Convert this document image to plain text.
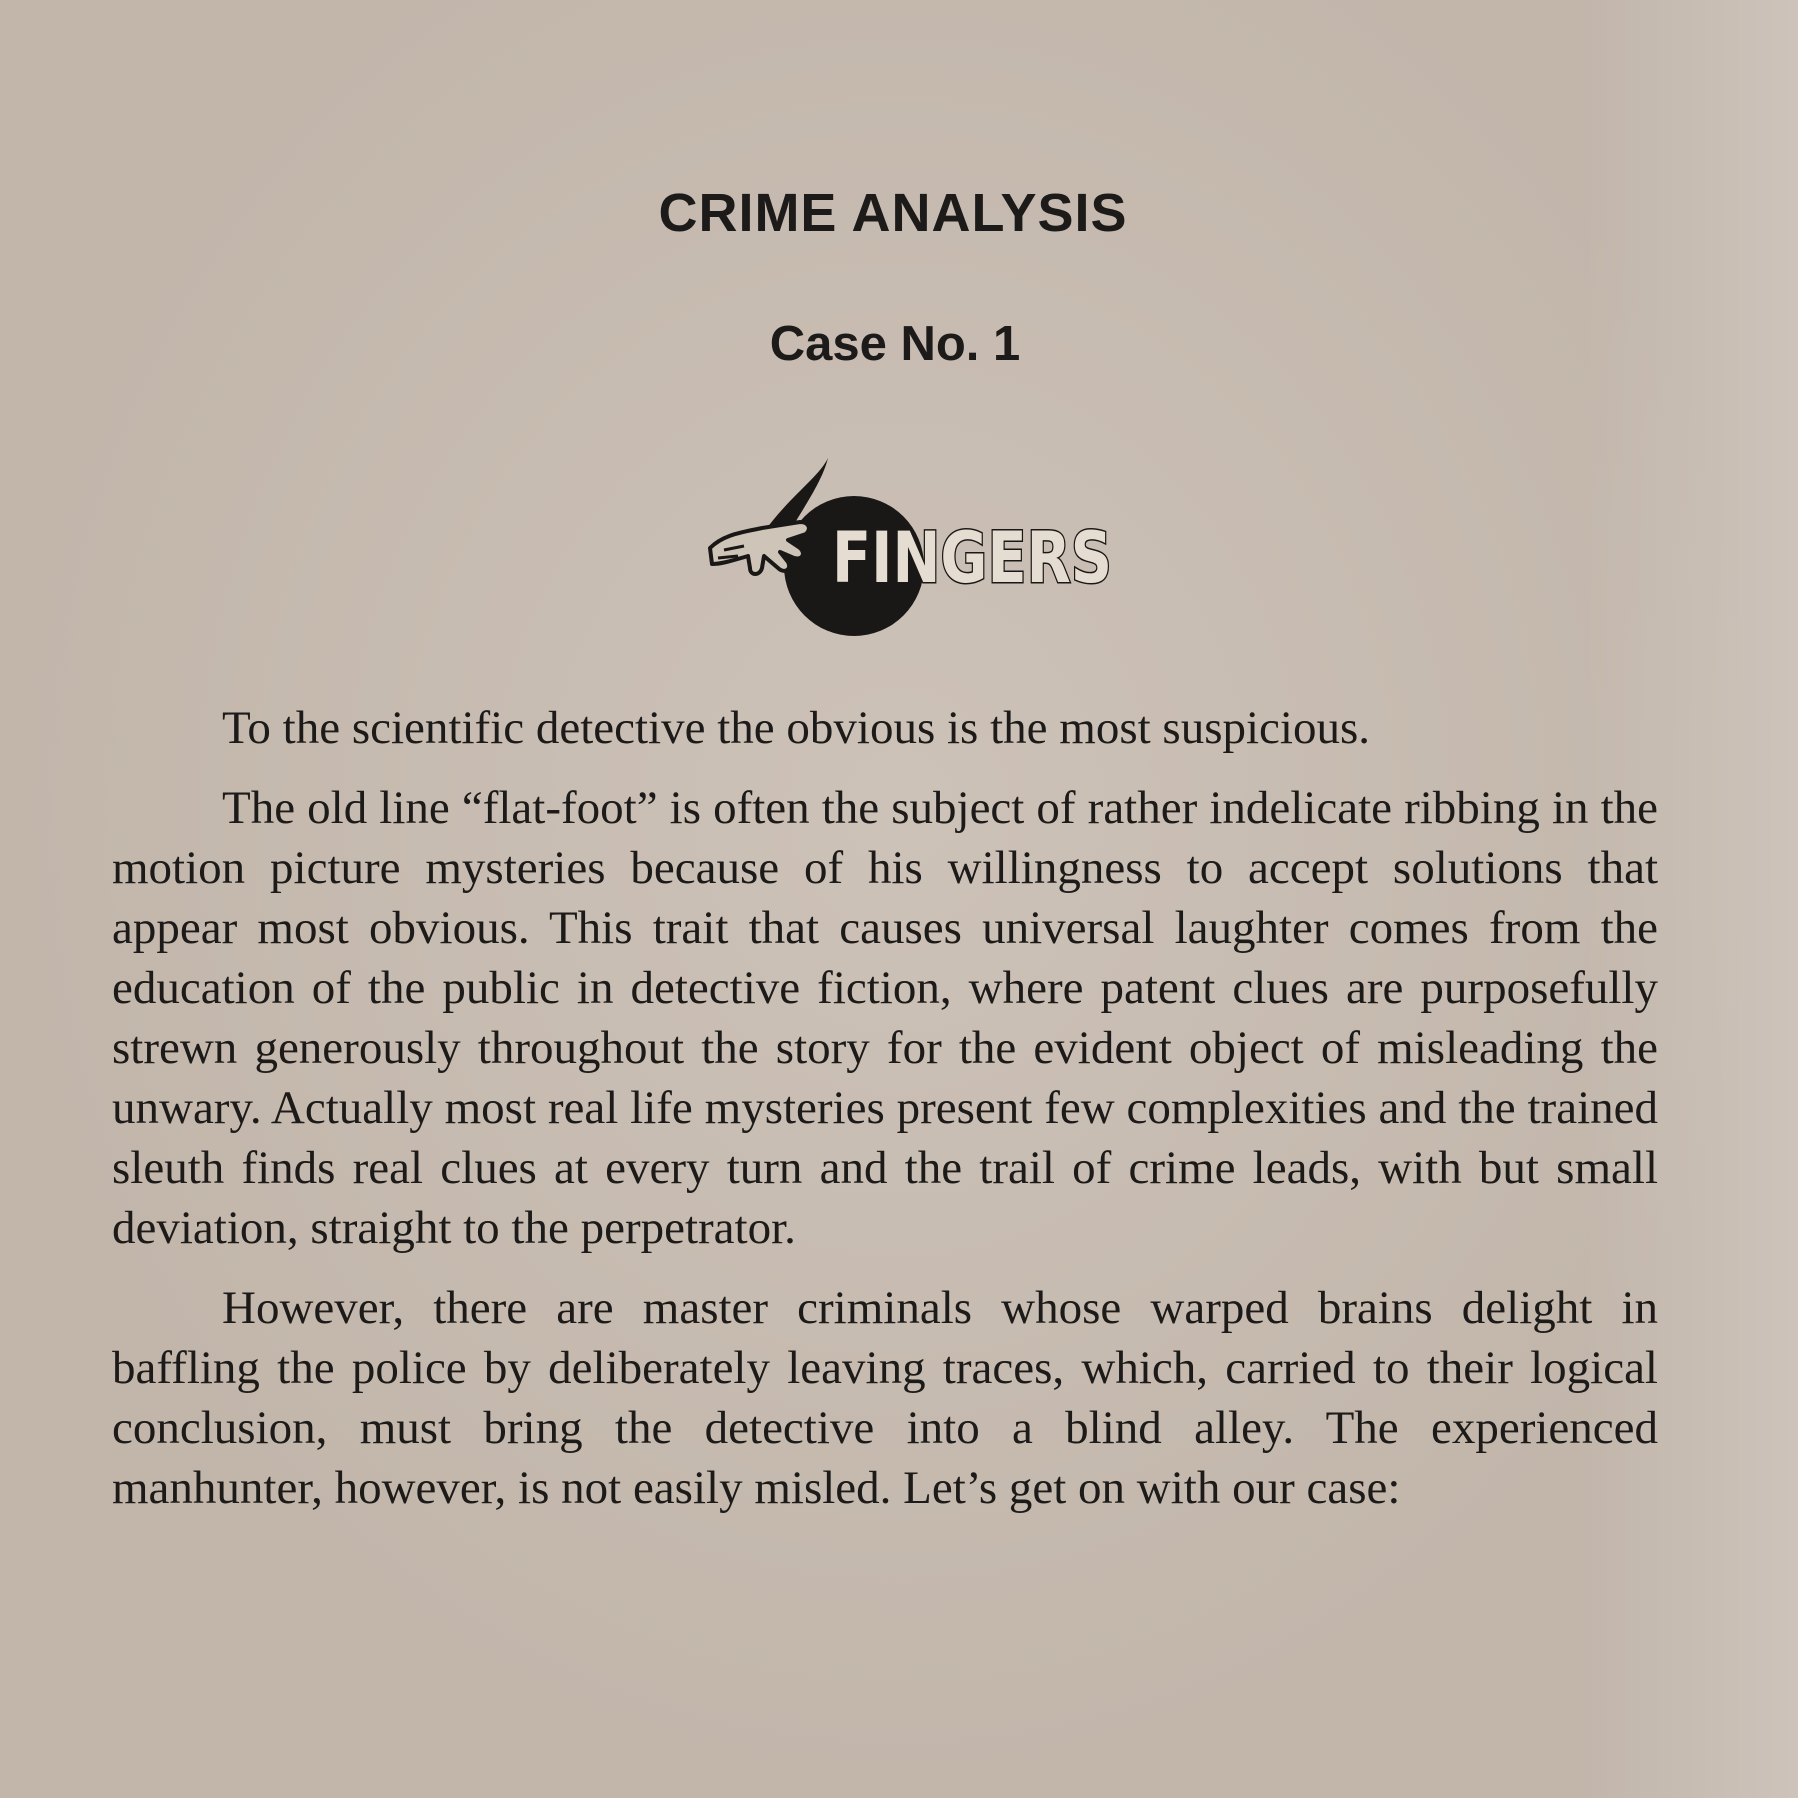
CRIME ANALYSIS
Case No. 1
FINGERS

To the scientific detective the obvious is the most suspicious.

The old line “flat-foot” is often the subject of rather indelicate ribbing in the motion picture mysteries because of his willingness to accept solutions that appear most obvious. This trait that causes universal laughter comes from the education of the public in detective fiction, where patent clues are purposefully strewn generously throughout the story for the evident object of misleading the unwary. Actually most real life mysteries present few complexities and the trained sleuth finds real clues at every turn and the trail of crime leads, with but small deviation, straight to the perpetrator.

However, there are master criminals whose warped brains delight in baffling the police by deliberately leaving traces, which, carried to their logical conclusion, must bring the detective into a blind alley. The experienced manhunter, however, is not easily misled. Let’s get on with our case:
